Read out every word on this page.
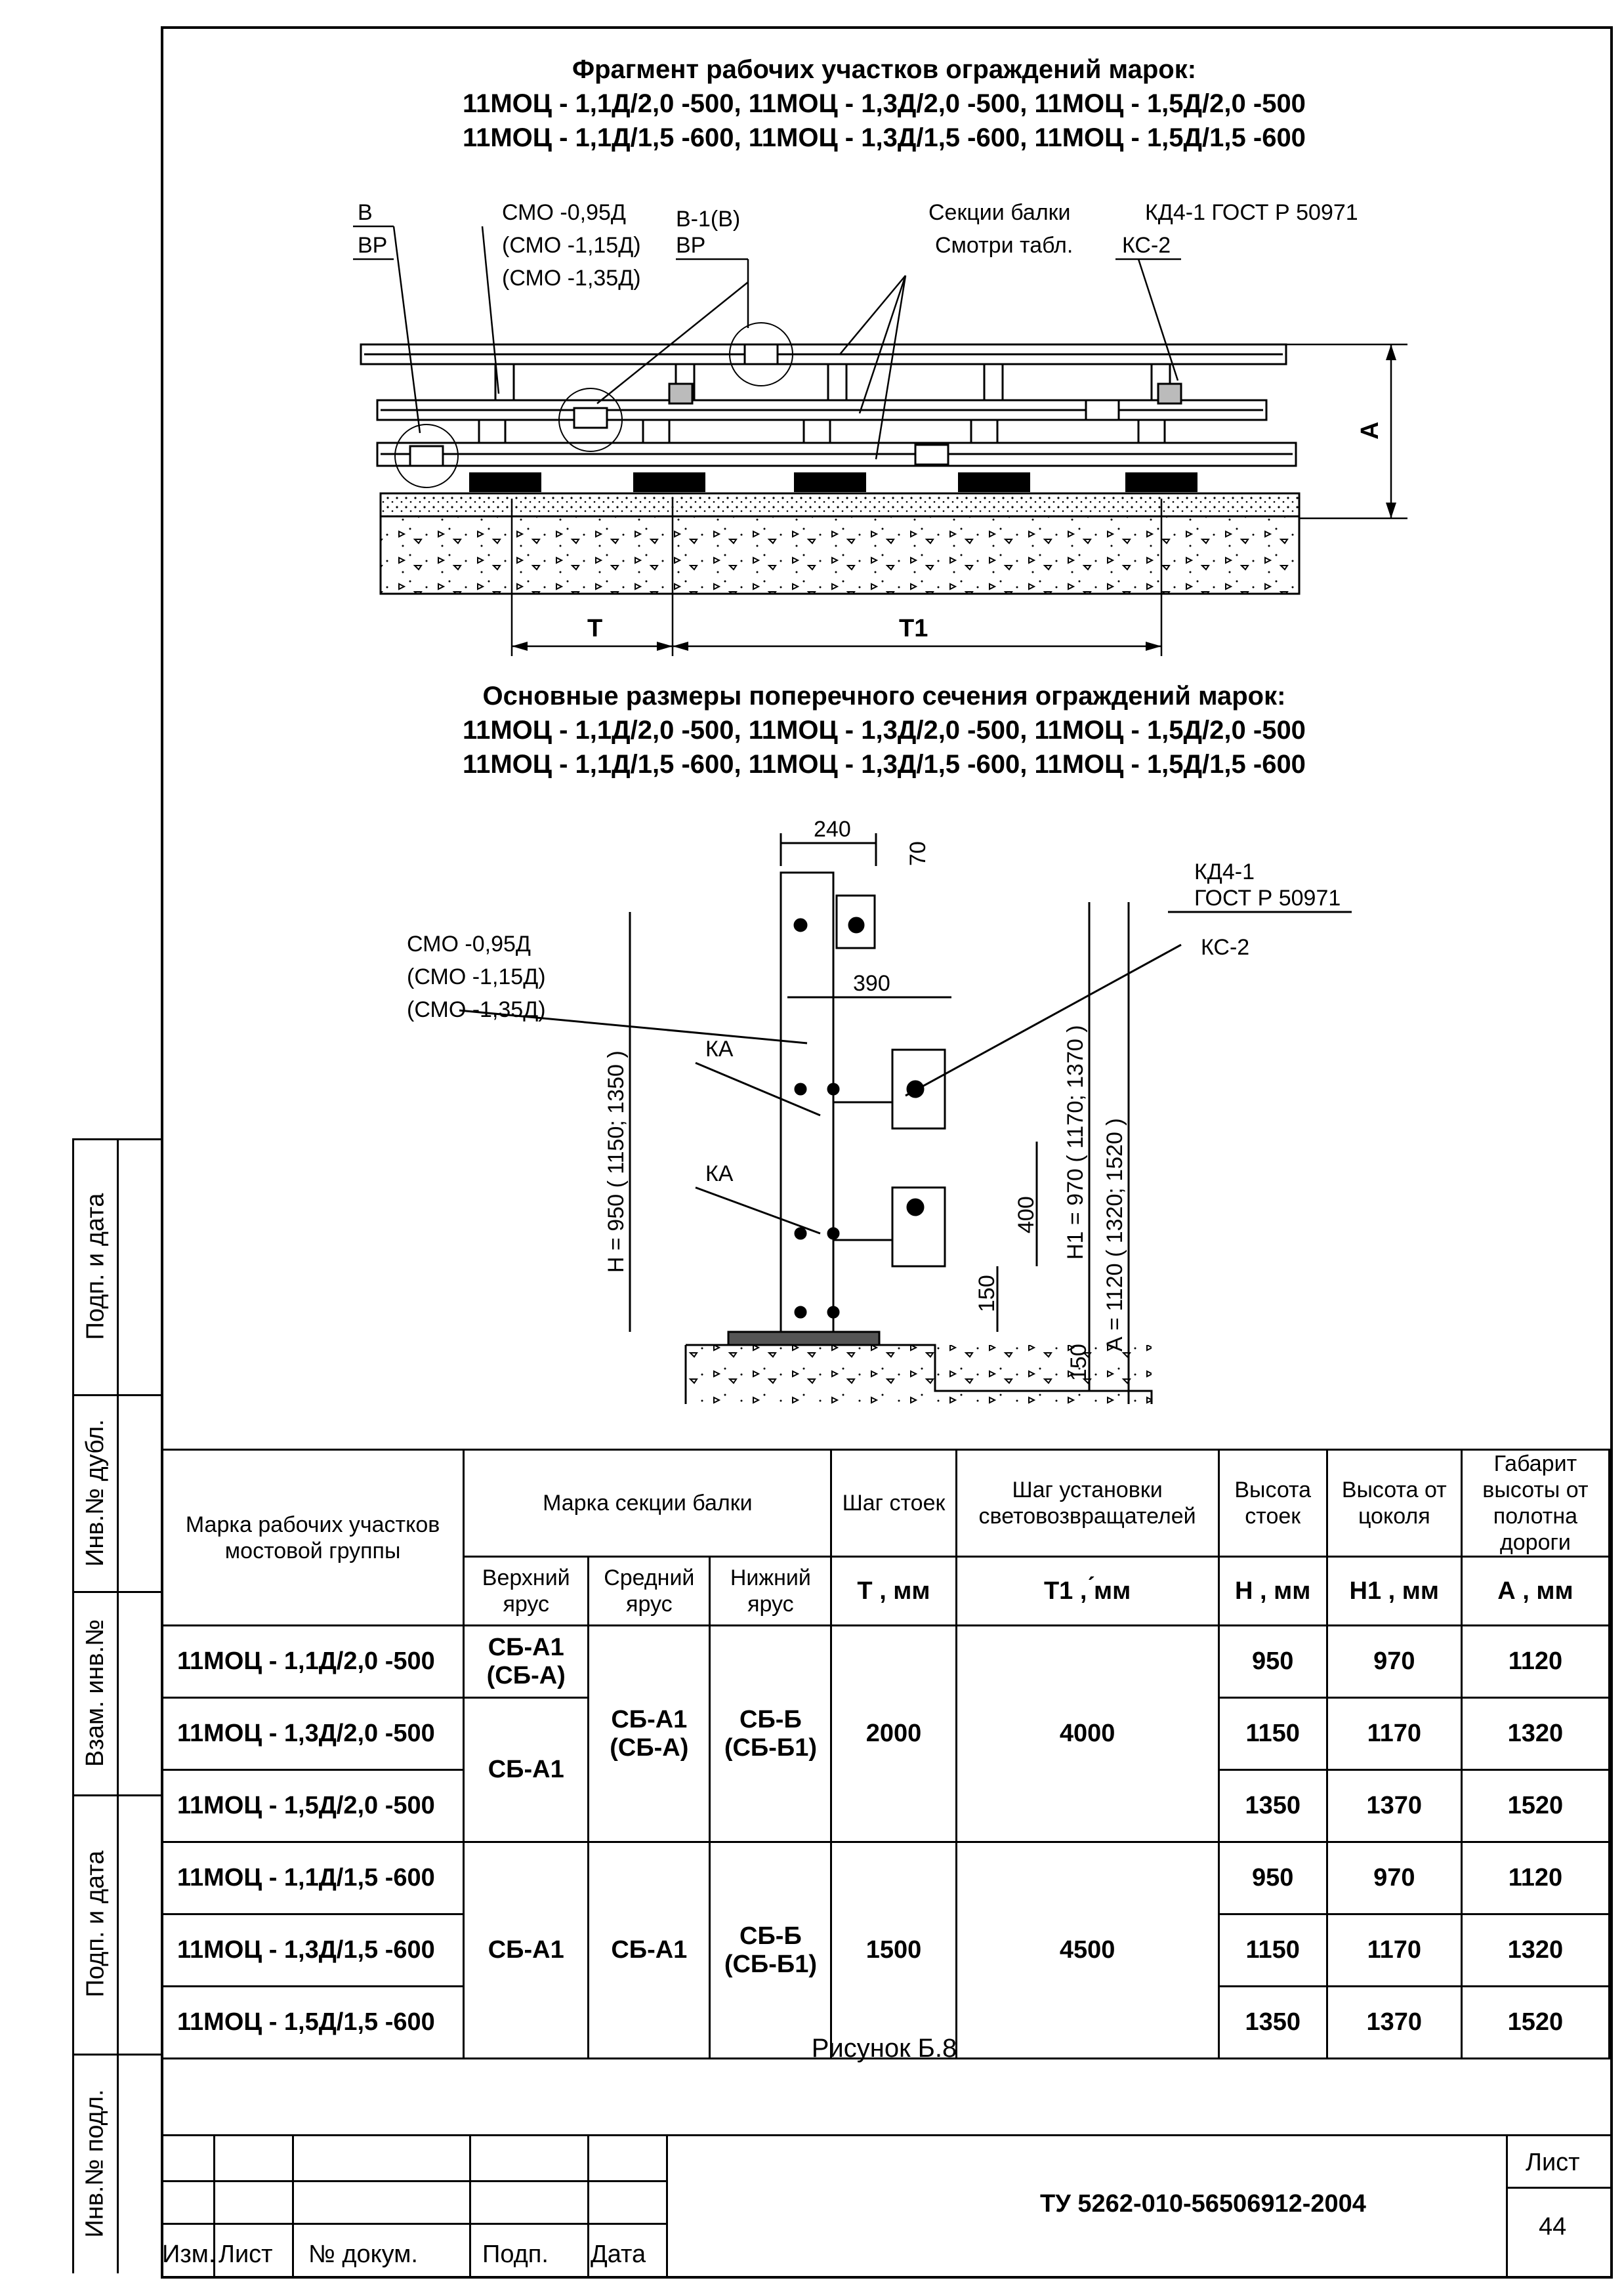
Подп. и дата
Инв.№ дубл.
Взам. инв.№
Подп. и дата
Инв.№ подл.
Фрагмент рабочих участков ограждений марок:
11МОЦ - 1,1Д/2,0 -500, 11МОЦ - 1,3Д/2,0 -500, 11МОЦ - 1,5Д/2,0 -500
11МОЦ - 1,1Д/1,5 -600, 11МОЦ - 1,3Д/1,5 -600, 11МОЦ - 1,5Д/1,5 -600
Основные размеры поперечного сечения ограждений марок:
11МОЦ - 1,1Д/2,0 -500, 11МОЦ - 1,3Д/2,0 -500, 11МОЦ - 1,5Д/2,0 -500
11МОЦ - 1,1Д/1,5 -600, 11МОЦ - 1,3Д/1,5 -600, 11МОЦ - 1,5Д/1,5 -600
В
ВР
СМО -0,95Д
(СМО -1,15Д)
(СМО -1,35Д)
В-1(В)
ВР
Секции балки
Смотри табл.
КД4-1 ГОСТ Р 50971
КС-2
А
Т	Т1
240
70
390
400
150
150
КД4-1
ГОСТ Р 50971
КС-2
СМО -0,95Д
(СМО -1,15Д)
(СМО -1,35Д)
КА
КА
Н = 950 ( 1150; 1350 )	Н1 = 970 ( 1170; 1370 ) А = 1120 ( 1320; 1520 )
Марка рабочих участков мостовой группы	Марка секции балки			Шаг стоек	Шаг установки световозвращателей	Высота стоек	Высота от цоколя	Габарит высоты от полотна дороги
	Верхний ярус	Средний ярус	Нижний ярус	Т , мм	Т1 , ́мм	Н , мм	Н1 , мм	А , мм
11МОЦ - 1,1Д/2,0 -500	СБ-А1 (СБ-А)	СБ-А1 (СБ-А)	СБ-Б (СБ-Б1)	2000	4000	950	970	1120
11МОЦ - 1,3Д/2,0 -500	СБ-А1					1150	1170	1320
11МОЦ - 1,5Д/2,0 -500						1350	1370	1520
11МОЦ - 1,1Д/1,5 -600	СБ-А1	СБ-А1	СБ-Б (СБ-Б1)	1500	4500	950	970	1120
11МОЦ - 1,3Д/1,5 -600						1150	1170	1320
11МОЦ - 1,5Д/1,5 -600						1350	1370	1520
Рисунок Б.8
Изм. Лист № докум.	Подп. Дата
ТУ 5262-010-56506912-2004
Лист
44
